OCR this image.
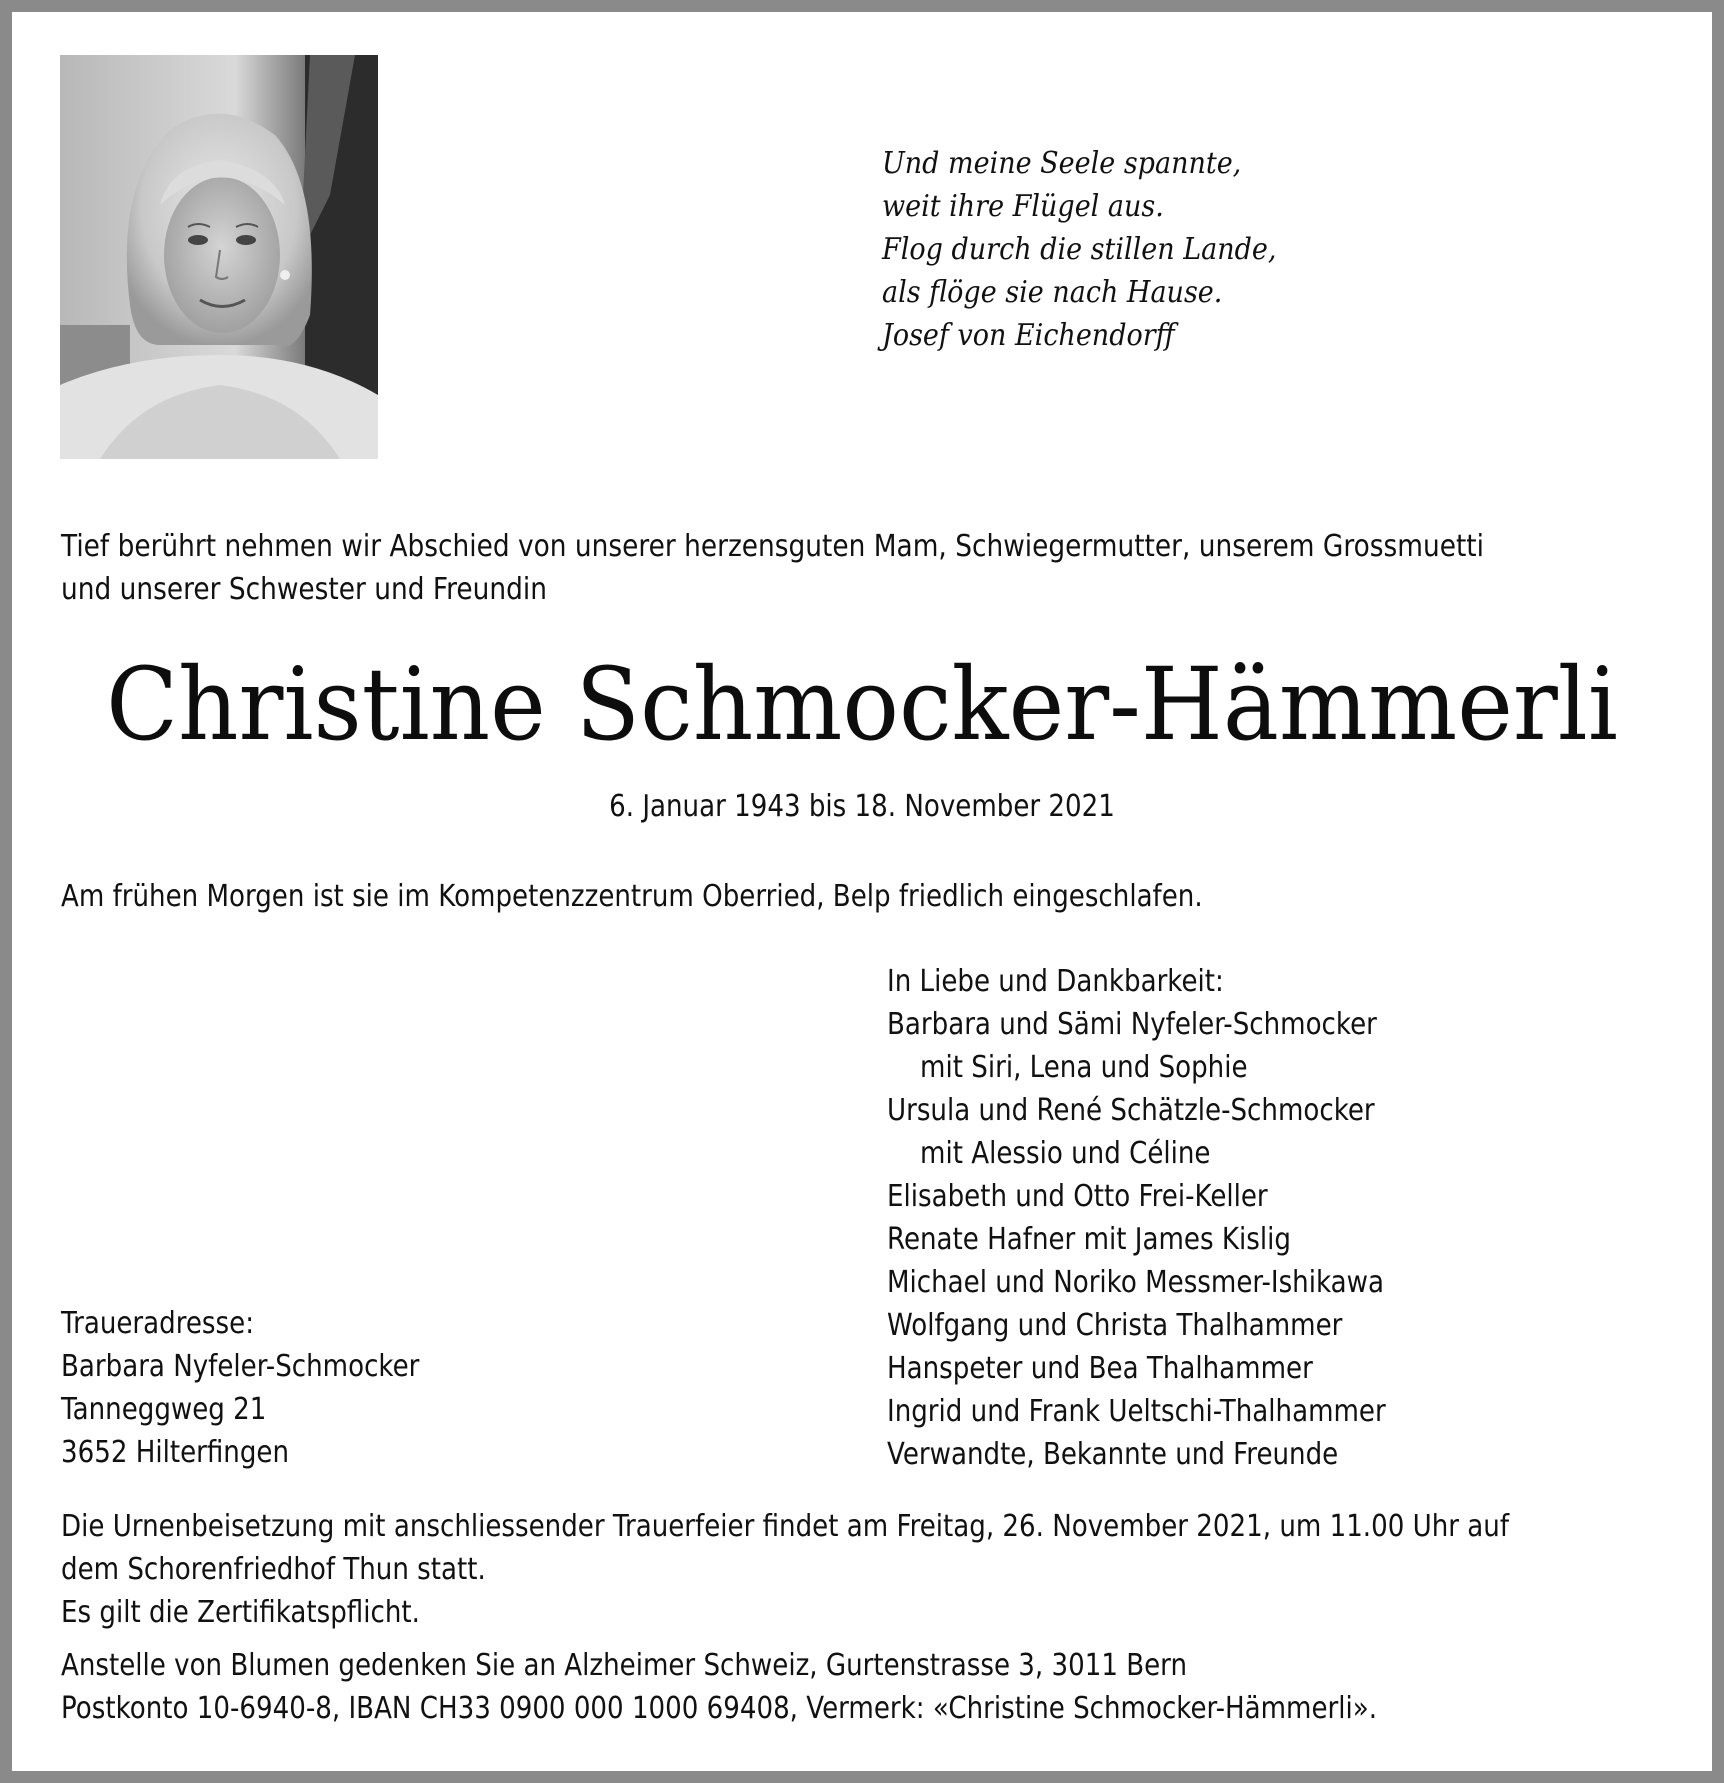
Und meine Seele spannte,
weit ihre Flügel aus.
Flog durch die stillen Lande,
als flöge sie nach Hause.
Josef von Eichendorff
Tief berührt nehmen wir Abschied von unserer herzensguten Mam, Schwiegermutter, unserem Grossmuetti
und unserer Schwester und Freundin
Christine Schmocker-Hämmerli
6. Januar 1943 bis 18. November 2021
Am frühen Morgen ist sie im Kompetenzzentrum Oberried, Belp friedlich eingeschlafen.
In Liebe und Dankbarkeit:
Barbara und Sämi Nyfeler-Schmocker
mit Siri, Lena und Sophie
Ursula und René Schätzle-Schmocker
mit Alessio und Céline
Elisabeth und Otto Frei-Keller
Renate Hafner mit James Kislig
Michael und Noriko Messmer-Ishikawa
Wolfgang und Christa Thalhammer
Hanspeter und Bea Thalhammer
Ingrid und Frank Ueltschi-Thalhammer
Verwandte, Bekannte und Freunde
Traueradresse:
Barbara Nyfeler-Schmocker
Tanneggweg 21
3652 Hilterfingen
Die Urnenbeisetzung mit anschliessender Trauerfeier findet am Freitag, 26. November 2021, um 11.00 Uhr auf
dem Schorenfriedhof Thun statt.
Es gilt die Zertifikatspflicht.
Anstelle von Blumen gedenken Sie an Alzheimer Schweiz, Gurtenstrasse 3, 3011 Bern
Postkonto 10-6940-8, IBAN CH33 0900 000 1000 69408, Vermerk: «Christine Schmocker-Hämmerli».
